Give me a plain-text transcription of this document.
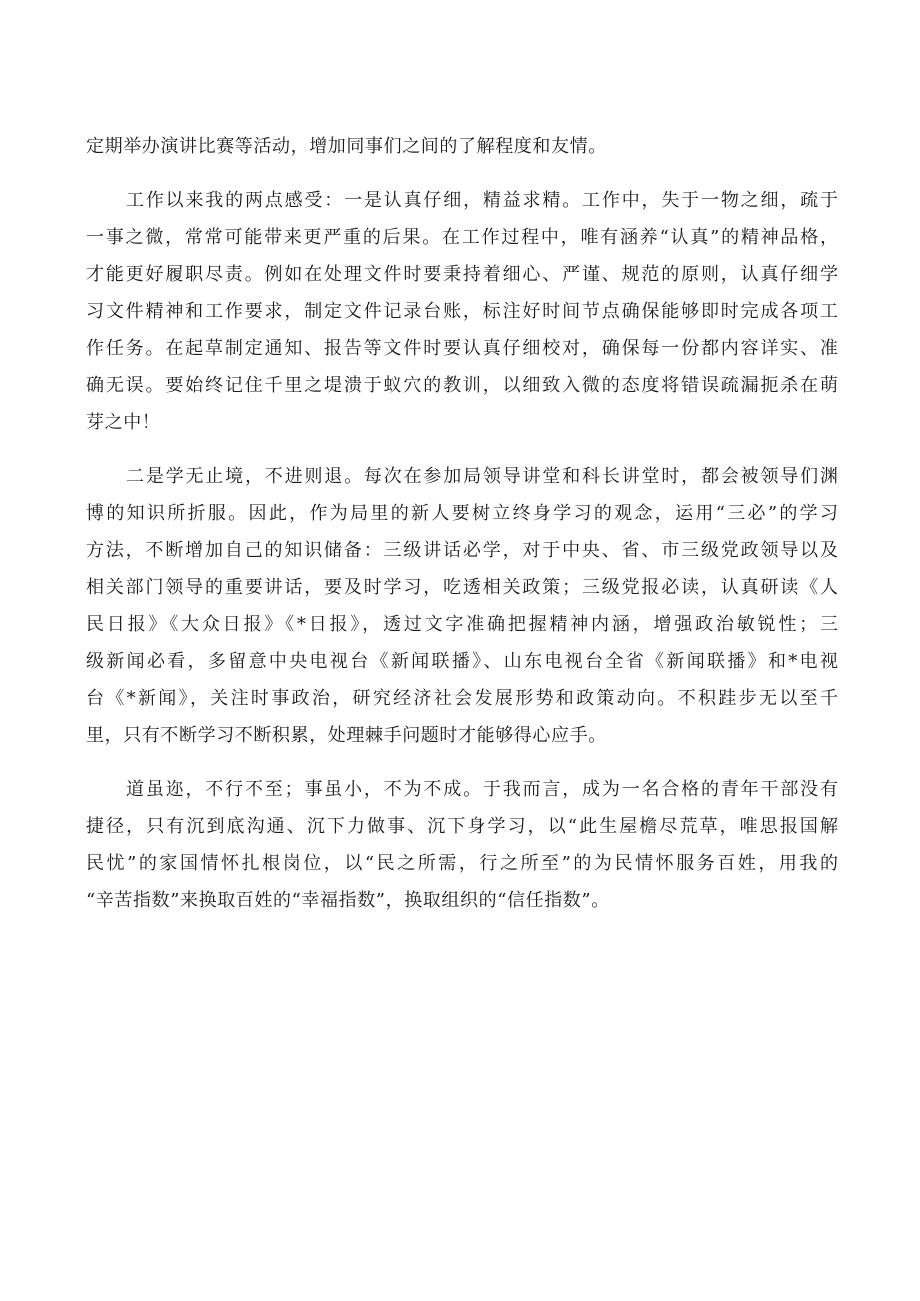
定期举办演讲比赛等活动，增加同事们之间的了解程度和友情。
工作以来我的两点感受：一是认真仔细，精益求精。工作中，失于一物之细，疏于
一事之微，常常可能带来更严重的后果。在工作过程中，唯有涵养“认真”的精神品格，
才能更好履职尽责。例如在处理文件时要秉持着细心、严谨、规范的原则，认真仔细学
习文件精神和工作要求，制定文件记录台账，标注好时间节点确保能够即时完成各项工
作任务。在起草制定通知、报告等文件时要认真仔细校对，确保每一份都内容详实、准
确无误。要始终记住千里之堤溃于蚁穴的教训，以细致入微的态度将错误疏漏扼杀在萌
芽之中！
二是学无止境，不进则退。每次在参加局领导讲堂和科长讲堂时，都会被领导们渊
博的知识所折服。因此，作为局里的新人要树立终身学习的观念，运用“三必”的学习
方法，不断增加自己的知识储备：三级讲话必学，对于中央、省、市三级党政领导以及
相关部门领导的重要讲话，要及时学习，吃透相关政策；三级党报必读，认真研读《人
民日报》《大众日报》《*日报》，透过文字准确把握精神内涵，增强政治敏锐性；三
级新闻必看，多留意中央电视台《新闻联播》、山东电视台全省《新闻联播》和*电视
台《*新闻》，关注时事政治，研究经济社会发展形势和政策动向。不积跬步无以至千
里，只有不断学习不断积累，处理棘手问题时才能够得心应手。
道虽迩，不行不至；事虽小，不为不成。于我而言，成为一名合格的青年干部没有
捷径，只有沉到底沟通、沉下力做事、沉下身学习，以“此生屋檐尽荒草，唯思报国解
民忧”的家国情怀扎根岗位，以“民之所需，行之所至”的为民情怀服务百姓，用我的
“辛苦指数”来换取百姓的“幸福指数”，换取组织的“信任指数”。
